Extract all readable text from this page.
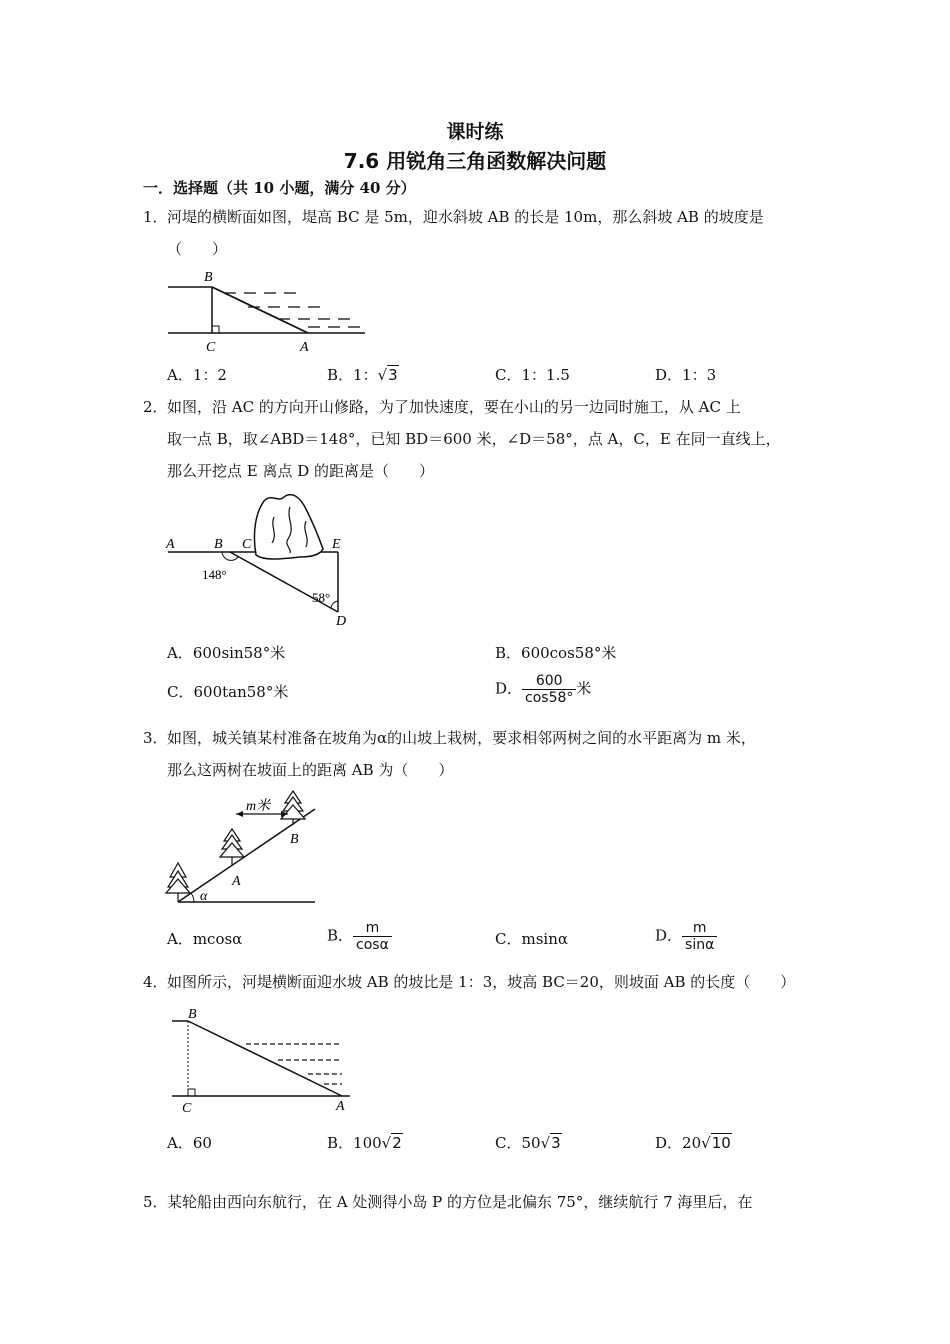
课时练
7.6 用锐角三角函数解决问题
一．选择题（共 10 小题，满分 40 分）
1． 河堤的横断面如图，堤高 BC 是 5m，迎水斜坡 AB 的长是 10m，那么斜坡 AB 的坡度是
（　　）
B
C	A
A．1：2	B．1：√3	C．1：1.5	D．1：3
2． 如图，沿 AC 的方向开山修路，为了加快速度，要在小山的另一边同时施工，从 AC 上
取一点 B，取∠ABD＝148°，已知 BD＝600 米，∠D＝58°，点 A，C，E 在同一直线上，
那么开挖点 E 离点 D 的距离是（　　）
A	B C	E
D
148°
58°
A．600sin58°米	B．600cos58°米
C．600tan58°米	D． $\frac{600}{\cos 58^\circ}$ 米
3． 如图，城关镇某村准备在坡角为α的山坡上栽树，要求相邻两树之间的水平距离为 m 米，
那么这两树在坡面上的距离 AB 为（　　）
m米
A
B
α
A．mcosα	B． $\frac{m}{\cos\alpha}$	C．msinα	D． $\frac{m}{\sin\alpha}$
4． 如图所示，河堤横断面迎水坡 AB 的坡比是 1：3，坡高 BC＝20，则坡面 AB 的长度（　　）
B
C	A
A．60	B．100√2	C．50√3	D．20√10
5． 某轮船由西向东航行，在 A 处测得小岛 P 的方位是北偏东 75°，继续航行 7 海里后，在
